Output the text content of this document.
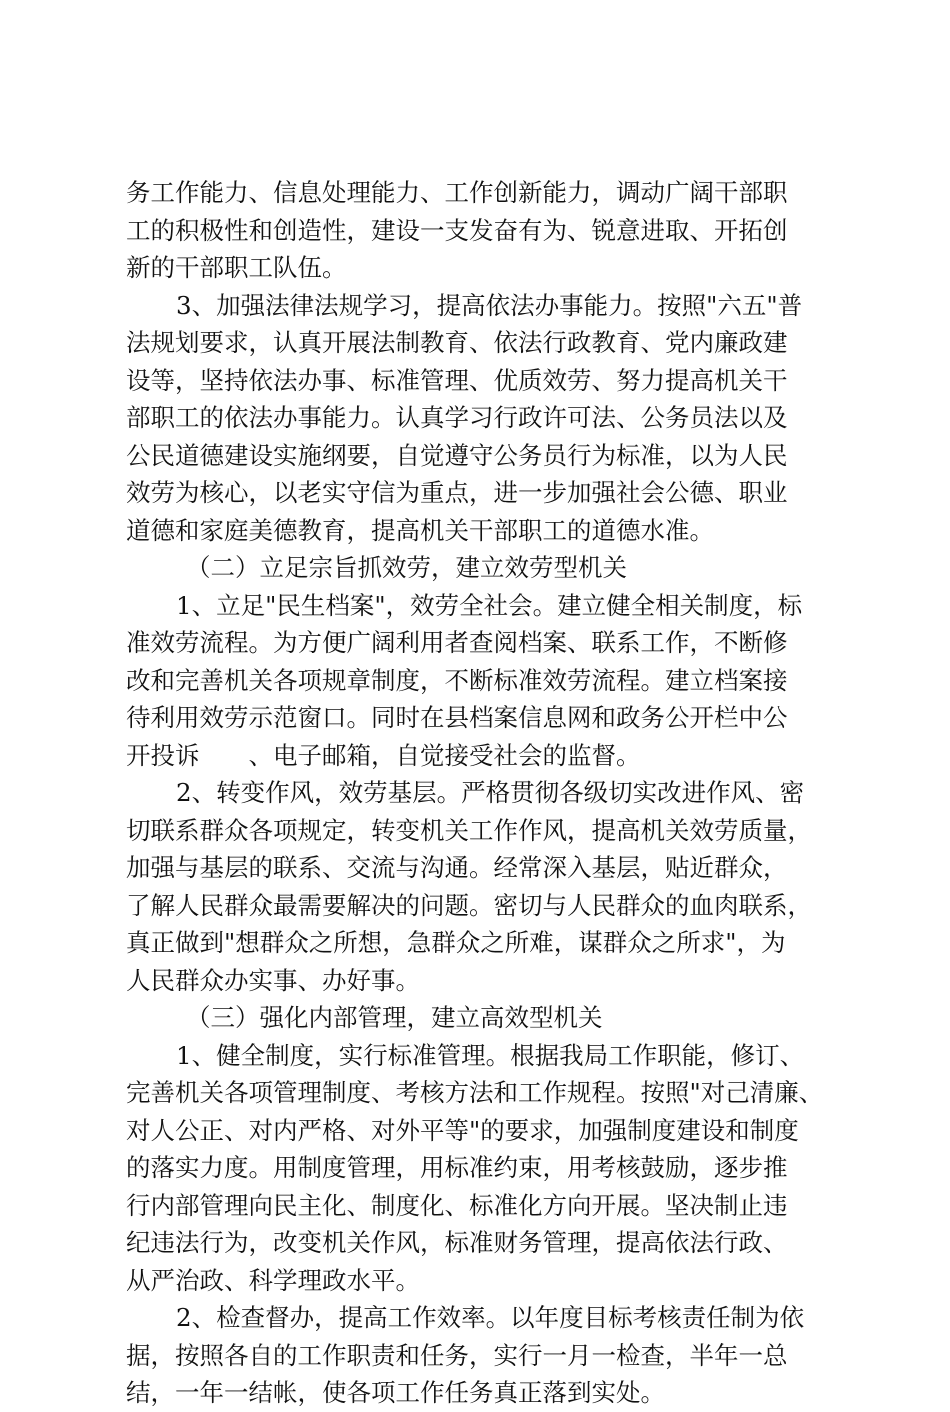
务工作能力、信息处理能力、工作创新能力，调动广阔干部职
工的积极性和创造性，建设一支发奋有为、锐意进取、开拓创
新的干部职工队伍。
3、加强法律法规学习，提高依法办事能力。按照"六五"普
法规划要求，认真开展法制教育、依法行政教育、党内廉政建
设等，坚持依法办事、标准管理、优质效劳、努力提高机关干
部职工的依法办事能力。认真学习行政许可法、公务员法以及
公民道德建设实施纲要，自觉遵守公务员行为标准，以为人民
效劳为核心，以老实守信为重点，进一步加强社会公德、职业
道德和家庭美德教育，提高机关干部职工的道德水准。
（二）立足宗旨抓效劳，建立效劳型机关
1、立足"民生档案"，效劳全社会。建立健全相关制度，标
准效劳流程。为方便广阔利用者查阅档案、联系工作，不断修
改和完善机关各项规章制度，不断标准效劳流程。建立档案接
待利用效劳示范窗口。同时在县档案信息网和政务公开栏中公
开投诉　　、电子邮箱，自觉接受社会的监督。
2、转变作风，效劳基层。严格贯彻各级切实改进作风、密
切联系群众各项规定，转变机关工作作风，提高机关效劳质量，
加强与基层的联系、交流与沟通。经常深入基层，贴近群众，
了解人民群众最需要解决的问题。密切与人民群众的血肉联系，
真正做到"想群众之所想，急群众之所难，谋群众之所求"，为
人民群众办实事、办好事。
（三）强化内部管理，建立高效型机关
1、健全制度，实行标准管理。根据我局工作职能，修订、
完善机关各项管理制度、考核方法和工作规程。按照"对己清廉、
对人公正、对内严格、对外平等"的要求，加强制度建设和制度
的落实力度。用制度管理，用标准约束，用考核鼓励，逐步推
行内部管理向民主化、制度化、标准化方向开展。坚决制止违
纪违法行为，改变机关作风，标准财务管理，提高依法行政、
从严治政、科学理政水平。
2、检查督办，提高工作效率。以年度目标考核责任制为依
据，按照各自的工作职责和任务，实行一月一检查，半年一总
结，一年一结帐，使各项工作任务真正落到实处。
